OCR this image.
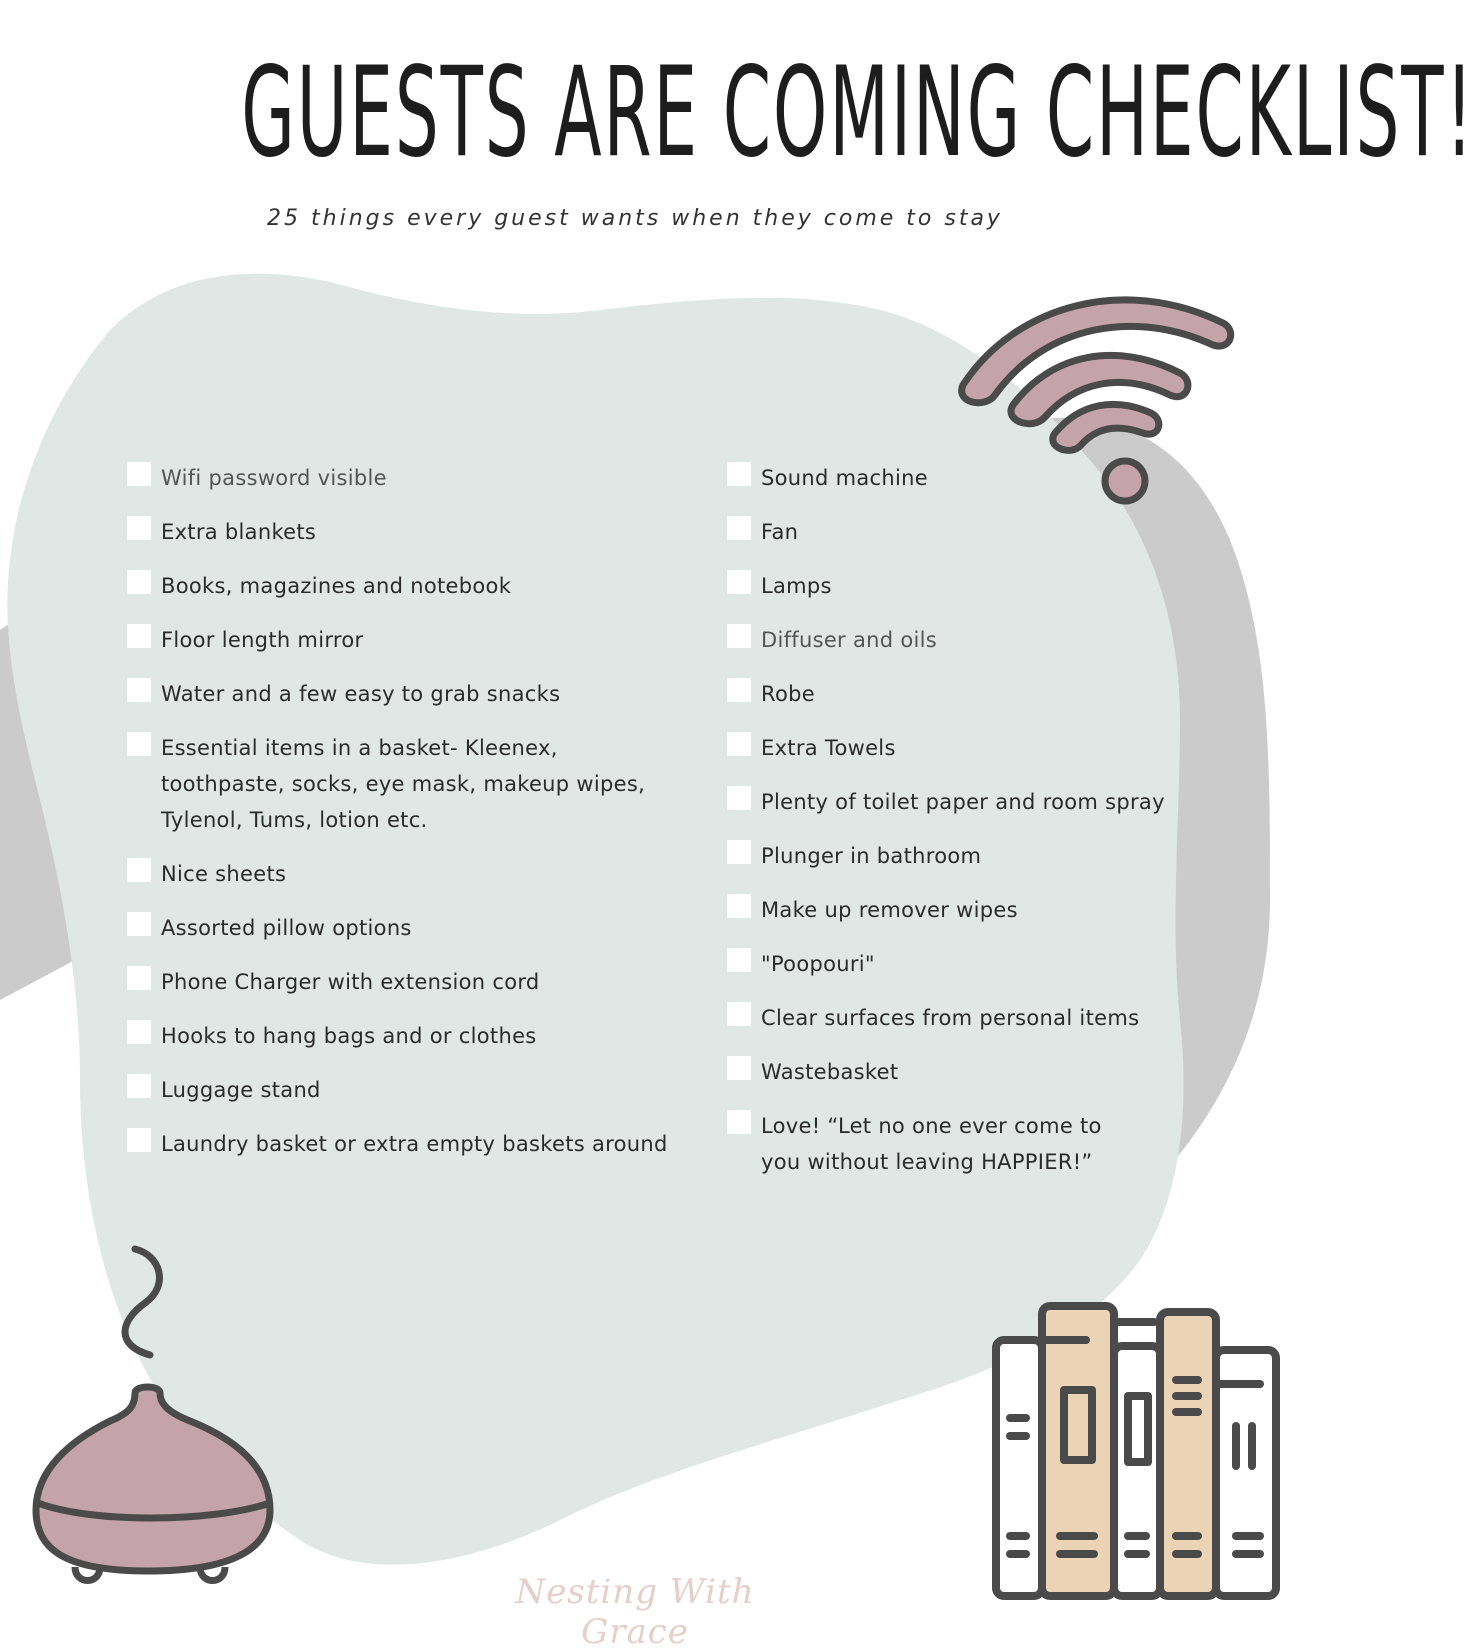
GUESTS ARE COMING CHECKLIST!
25 things every guest wants when they come to stay
Wifi password visible
Extra blankets
Books, magazines and notebook
Floor length mirror
Water and a few easy to grab snacks
Essential items in a basket- Kleenex, toothpaste, socks, eye mask, makeup wipes, Tylenol, Tums, lotion etc.
Nice sheets
Assorted pillow options
Phone Charger with extension cord
Hooks to hang bags and or clothes
Luggage stand
Laundry basket or extra empty baskets around
Sound machine
Fan
Lamps
Diffuser and oils
Robe
Extra Towels
Plenty of toilet paper and room spray
Plunger in bathroom
Make up remover wipes
"Poopouri"
Clear surfaces from personal items
Wastebasket
Love! “Let no one ever come to you without leaving HAPPIER!”
Nesting With Grace
